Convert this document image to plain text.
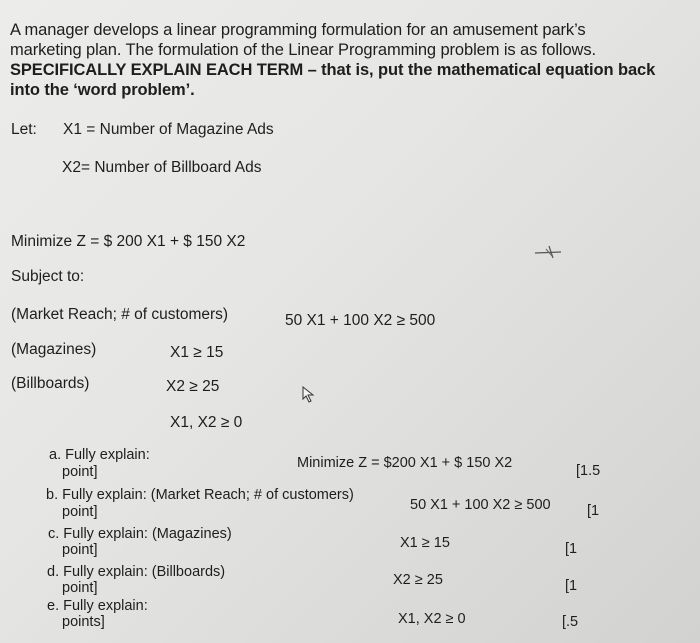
A manager develops a linear programming formulation for an amusement park’s
marketing plan. The formulation of the Linear Programming problem is as follows.
SPECIFICALLY EXPLAIN EACH TERM – that is, put the mathematical equation back
into the ‘word problem’.
Let: X1 = Number of Magazine Ads
X2= Number of Billboard Ads
Minimize Z = $ 200 X1 + $ 150 X2
Subject to:
(Market Reach; # of customers)	50 X1 + 100 X2 ≥ 500
(Magazines)	X1 ≥ 15
(Billboards)	X2 ≥ 25
X1, X2 ≥ 0
a. Fully explain:
point]
Minimize Z = $200 X1 + $ 150 X2	[1.5
b. Fully explain: (Market Reach; # of customers)
point]	50 X1 + 100 X2 ≥ 500	[1
c. Fully explain: (Magazines)
point]	X1 ≥ 15	[1
d. Fully explain: (Billboards)
point]	X2 ≥ 25	[1
e. Fully explain:
points]	X1, X2 ≥ 0	[.5
